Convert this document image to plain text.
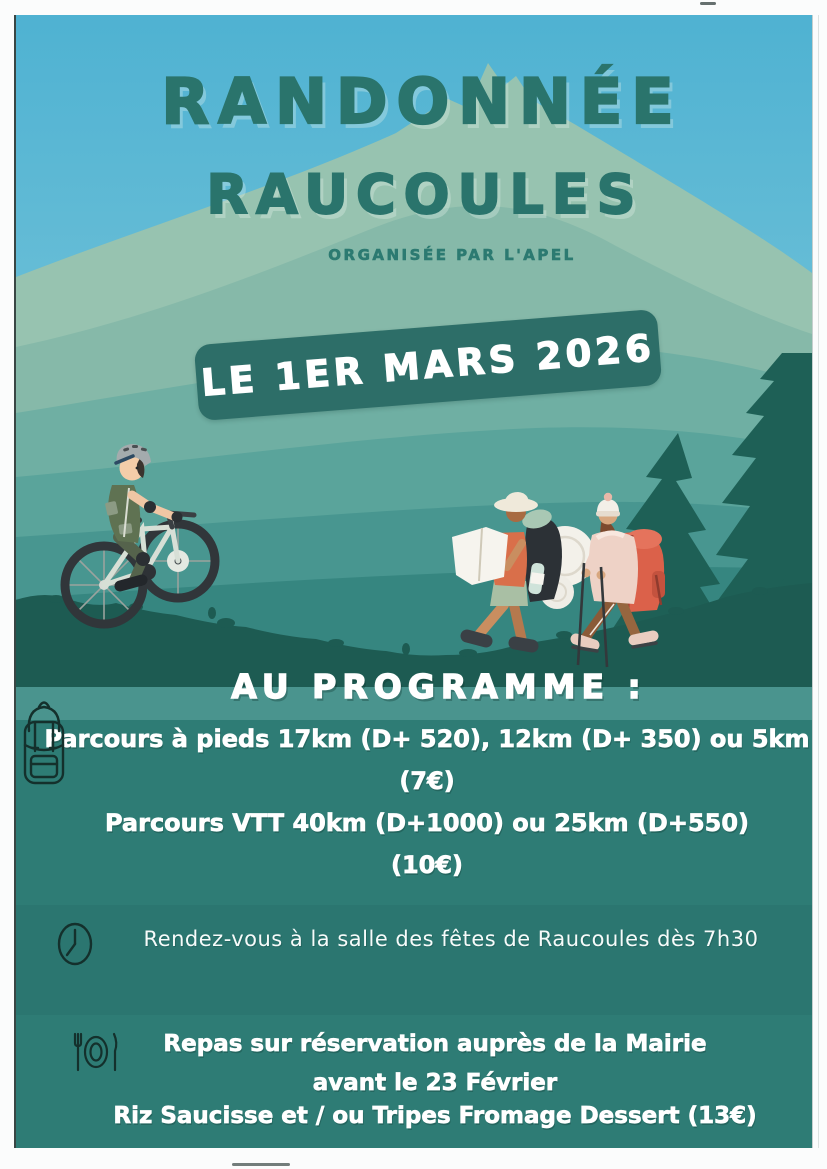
RANDONNÉE
RAUCOULES
ORGANISÉE PAR L'APEL
LE 1ER MARS 2026
AU PROGRAMME :
Parcours à pieds 17km (D+ 520), 12km (D+ 350) ou 5km
(7€)
Parcours VTT 40km (D+1000) ou 25km (D+550)
(10€)
Rendez-vous à la salle des fêtes de Raucoules dès 7h30
Repas sur réservation auprès de la Mairie
avant le 23 Février
Riz Saucisse et / ou Tripes Fromage Dessert (13€)
